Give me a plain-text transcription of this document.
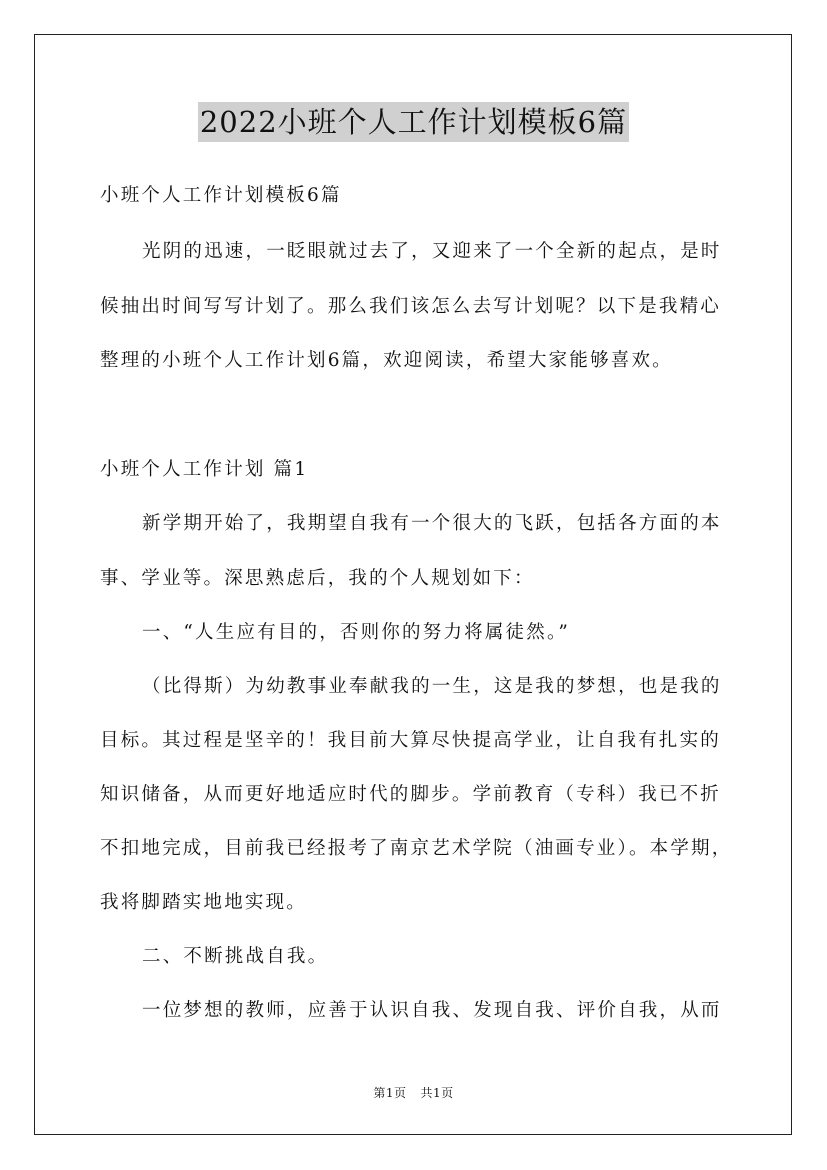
2022小班个人工作计划模板6篇
小班个人工作计划模板6篇
光阴的迅速，一眨眼就过去了，又迎来了一个全新的起点，是时
候抽出时间写写计划了。那么我们该怎么去写计划呢？以下是我精心
整理的小班个人工作计划6篇，欢迎阅读，希望大家能够喜欢。
小班个人工作计划 篇1
新学期开始了，我期望自我有一个很大的飞跃，包括各方面的本
事、学业等。深思熟虑后，我的个人规划如下：
一、“人生应有目的，否则你的努力将属徒然。”
（比得斯）为幼教事业奉献我的一生，这是我的梦想，也是我的
目标。其过程是坚辛的！我目前大算尽快提高学业，让自我有扎实的
知识储备，从而更好地适应时代的脚步。学前教育（专科）我已不折
不扣地完成，目前我已经报考了南京艺术学院（油画专业）。本学期，
我将脚踏实地地实现。
二、不断挑战自我。
一位梦想的教师，应善于认识自我、发现自我、评价自我，从而
第1页 共1页
